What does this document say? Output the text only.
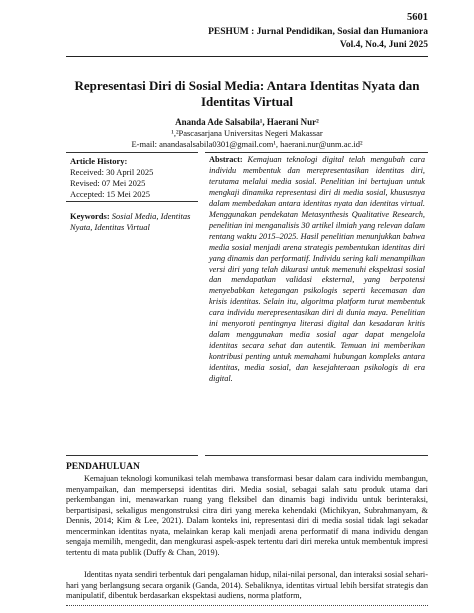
5601
PESHUM : Jurnal Pendidikan, Sosial dan Humaniora
Vol.4, No.4, Juni 2025
Representasi Diri di Sosial Media: Antara Identitas Nyata dan Identitas Virtual
Ananda Ade Salsabila¹, Haerani Nur²
¹,²Pascasarjana Universitas Negeri Makassar
E-mail: anandasalsabila0301@gmail.com¹, haerani.nur@unm.ac.id²
Article History:
Received: 30 April 2025
Revised: 07 Mei 2025
Accepted: 15 Mei 2025
Keywords: Sosial Media, Identitas Nyata, Identitas Virtual
Abstract: Kemajuan teknologi digital telah mengubah cara individu membentuk dan merepresentasikan identitas diri, terutama melalui media sosial. Penelitian ini bertujuan untuk mengkaji dinamika representasi diri di media sosial, khususnya dalam membedakan antara identitas nyata dan identitas virtual. Menggunakan pendekatan Metasynthesis Qualitative Research, penelitian ini menganalisis 30 artikel ilmiah yang relevan dalam rentang waktu 2015–2025. Hasil penelitian menunjukkan bahwa media sosial menjadi arena strategis pembentukan identitas diri yang dinamis dan performatif. Individu sering kali menampilkan versi diri yang telah dikurasi untuk memenuhi ekspektasi sosial dan mendapatkan validasi eksternal, yang berpotensi menyebabkan ketegangan psikologis seperti kecemasan dan krisis identitas. Selain itu, algoritma platform turut membentuk cara individu merepresentasikan diri di dunia maya. Penelitian ini menyoroti pentingnya literasi digital dan kesadaran kritis dalam menggunakan media sosial agar dapat mengelola identitas secara sehat dan autentik. Temuan ini memberikan kontribusi penting untuk memahami hubungan kompleks antara identitas, media sosial, dan kesejahteraan psikologis di era digital.
PENDAHULUAN
Kemajuan teknologi komunikasi telah membawa transformasi besar dalam cara individu membangun, menyampaikan, dan mempersepsi identitas diri. Media sosial, sebagai salah satu produk utama dari perkembangan ini, menawarkan ruang yang fleksibel dan dinamis bagi individu untuk berinteraksi, berpartisipasi, sekaligus mengonstruksi citra diri yang mereka kehendaki (Michikyan, Subrahmanyam, & Dennis, 2014; Kim & Lee, 2021). Dalam konteks ini, representasi diri di media sosial tidak lagi sekadar mencerminkan identitas nyata, melainkan kerap kali menjadi arena performatif di mana individu dengan sengaja memilih, mengedit, dan mengkurasi aspek-aspek tertentu dari diri mereka untuk membentuk impresi tertentu di mata publik (Duffy & Chan, 2019).
Identitas nyata sendiri terbentuk dari pengalaman hidup, nilai-nilai personal, dan interaksi sosial sehari-hari yang berlangsung secara organik (Ganda, 2014). Sebaliknya, identitas virtual lebih bersifat strategis dan manipulatif, dibentuk berdasarkan ekspektasi audiens, norma platform,
